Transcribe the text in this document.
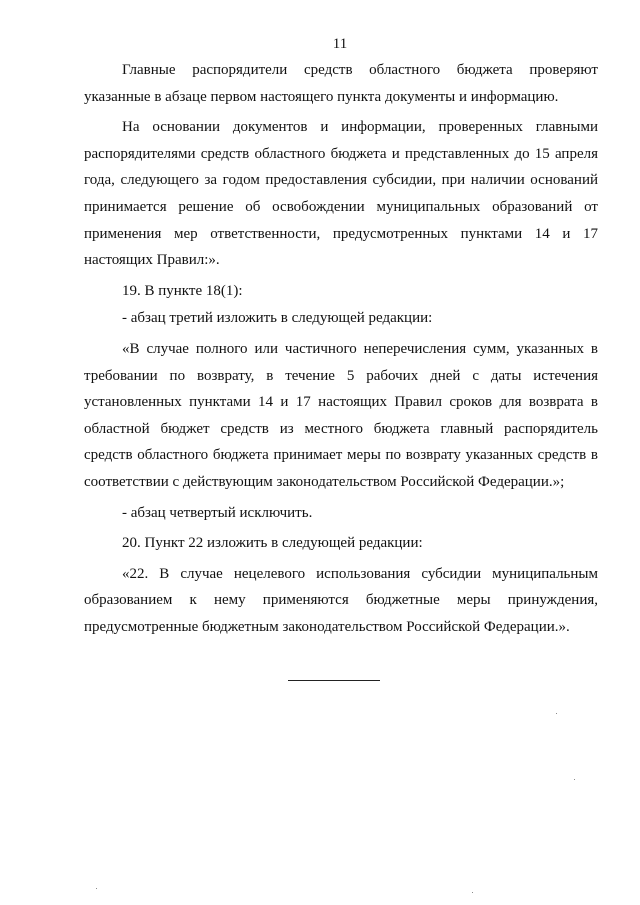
11

Главные распорядители средств областного бюджета проверяют указанные в абзаце первом настоящего пункта документы и информацию.

На основании документов и информации, проверенных главными распорядителями средств областного бюджета и представленных до 15 апреля года, следующего за годом предоставления субсидии, при наличии оснований принимается решение об освобождении муниципальных образований от применения мер ответственности, предусмотренных пунктами 14 и 17 настоящих Правил:».

19. В пункте 18(1):

- абзац третий изложить в следующей редакции:

«В случае полного или частичного неперечисления сумм, указанных в требовании по возврату, в течение 5 рабочих дней с даты истечения установленных пунктами 14 и 17 настоящих Правил сроков для возврата в областной бюджет средств из местного бюджета главный распорядитель средств областного бюджета принимает меры по возврату указанных средств в соответствии с действующим законодательством Российской Федерации.»;

- абзац четвертый исключить.

20. Пункт 22 изложить в следующей редакции:

«22. В случае нецелевого использования субсидии муниципальным образованием к нему применяются бюджетные меры принуждения, предусмотренные бюджетным законодательством Российской Федерации.».
